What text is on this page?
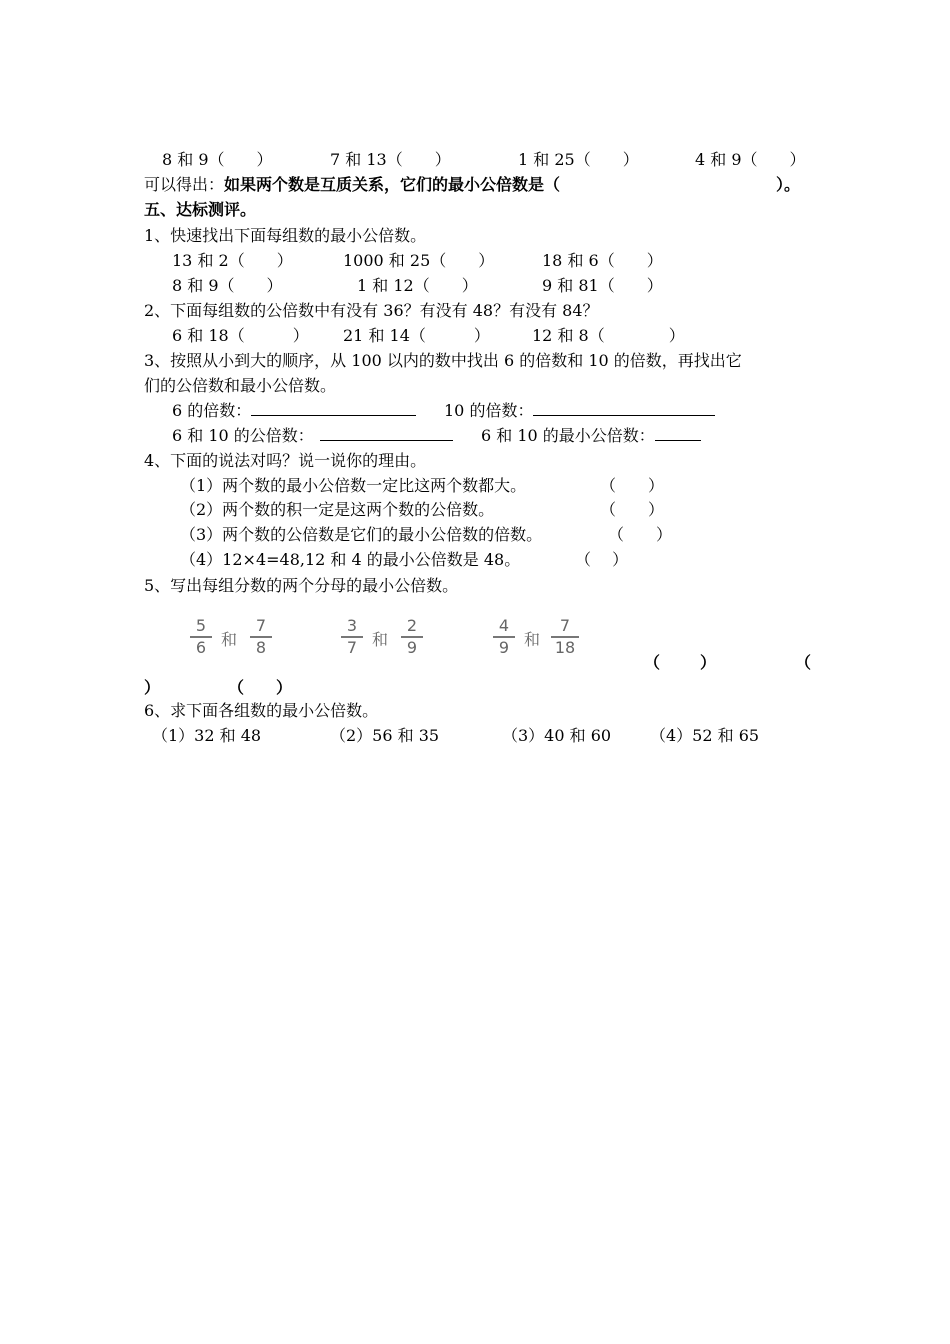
8 和 9（　　）	7 和 13（　　）	1 和 25（　　）	4 和 9（　　）
可以得出：如果两个数是互质关系，它们的最小公倍数是（	）。
五、达标测评。
1、快速找出下面每组数的最小公倍数。
13 和 2（　　）	1000 和 25（　　）	18 和 6（　　）
8 和 9（　　）	1 和 12（　　）	9 和 81（　　）
2、下面每组数的公倍数中有没有 36？有没有 48？有没有 84？
6 和 18（　　　） 21 和 14（　　　）	12 和 8（　　　　）
3、按照从小到大的顺序，从 100 以内的数中找出 6 的倍数和 10 的倍数，再找出它
们的公倍数和最小公倍数。
6 的倍数：	10 的倍数：
6 和 10 的公倍数：	6 和 10 的最小公倍数：
4、下面的说法对吗？说一说你的理由。
（1）两个数的最小公倍数一定比这两个数都大。	（　　）
（2）两个数的积一定是这两个数的公倍数。	（　　）
（3）两个数的公倍数是它们的最小公倍数的倍数。	（　　）
（4）12×4=48,12 和 4 的最小公倍数是 48。	（　 ）
5、写出每组分数的两个分母的最小公倍数。
5
6 和
7
8
3
7 和
2
9
4
9 和
7
18
（ ）	（
）	（　　）
6、求下面各组数的最小公倍数。
（1）32 和 48	（2）56 和 35	（3）40 和 60 （4）52 和 65
